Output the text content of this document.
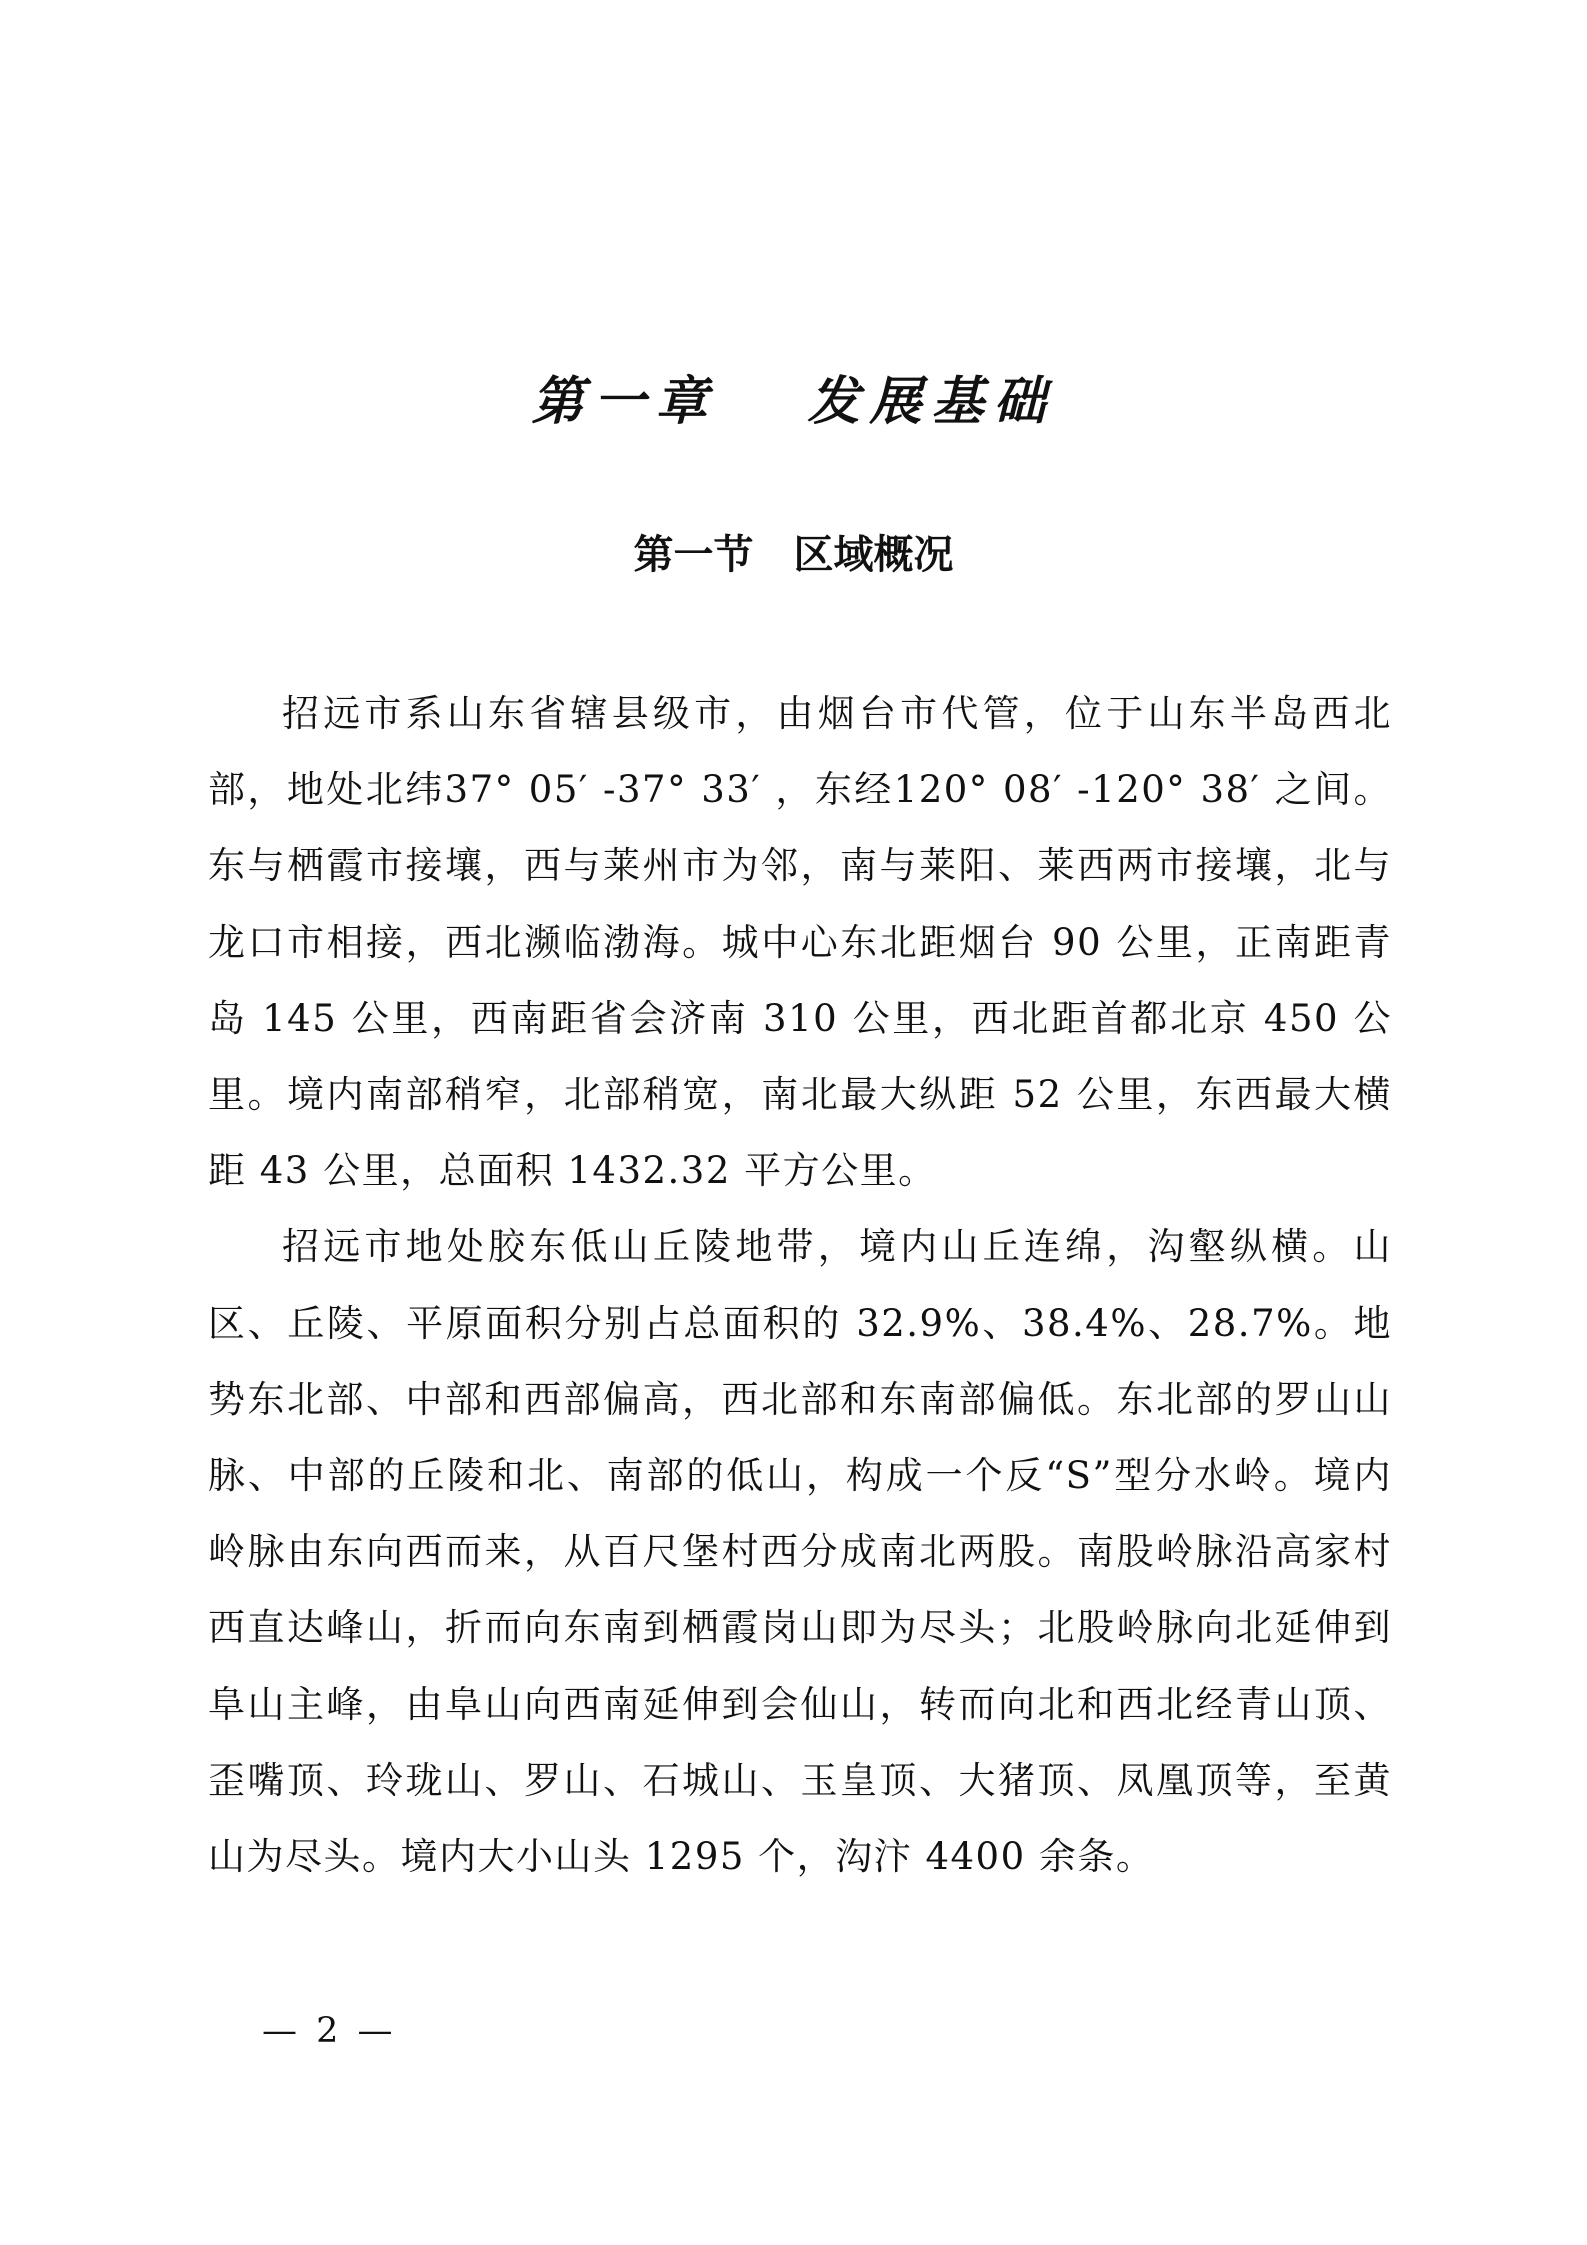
第一章　 发展基础
第一节　区域概况

招远市系山东省辖县级市，由烟台市代管，位于山东半岛西北部，地处北纬37° 05′ -37° 33′ ，东经120° 08′ -120° 38′ 之间。东与栖霞市接壤，西与莱州市为邻，南与莱阳、莱西两市接壤，北与龙口市相接，西北濒临渤海。城中心东北距烟台 90 公里，正南距青岛 145 公里，西南距省会济南 310 公里，西北距首都北京 450 公里。境内南部稍窄，北部稍宽，南北最大纵距 52 公里，东西最大横距 43 公里，总面积 1432.32 平方公里。

招远市地处胶东低山丘陵地带，境内山丘连绵，沟壑纵横。山区、丘陵、平原面积分别占总面积的 32.9%、38.4%、28.7%。地势东北部、中部和西部偏高，西北部和东南部偏低。东北部的罗山山脉、中部的丘陵和北、南部的低山，构成一个反“S”型分水岭。境内岭脉由东向西而来，从百尺堡村西分成南北两股。南股岭脉沿高家村西直达峰山，折而向东南到栖霞岗山即为尽头；北股岭脉向北延伸到阜山主峰，由阜山向西南延伸到会仙山，转而向北和西北经青山顶、歪嘴顶、玲珑山、罗山、石城山、玉皇顶、大猪顶、凤凰顶等，至黄山为尽头。境内大小山头 1295 个，沟汴 4400 余条。

— 2 —
